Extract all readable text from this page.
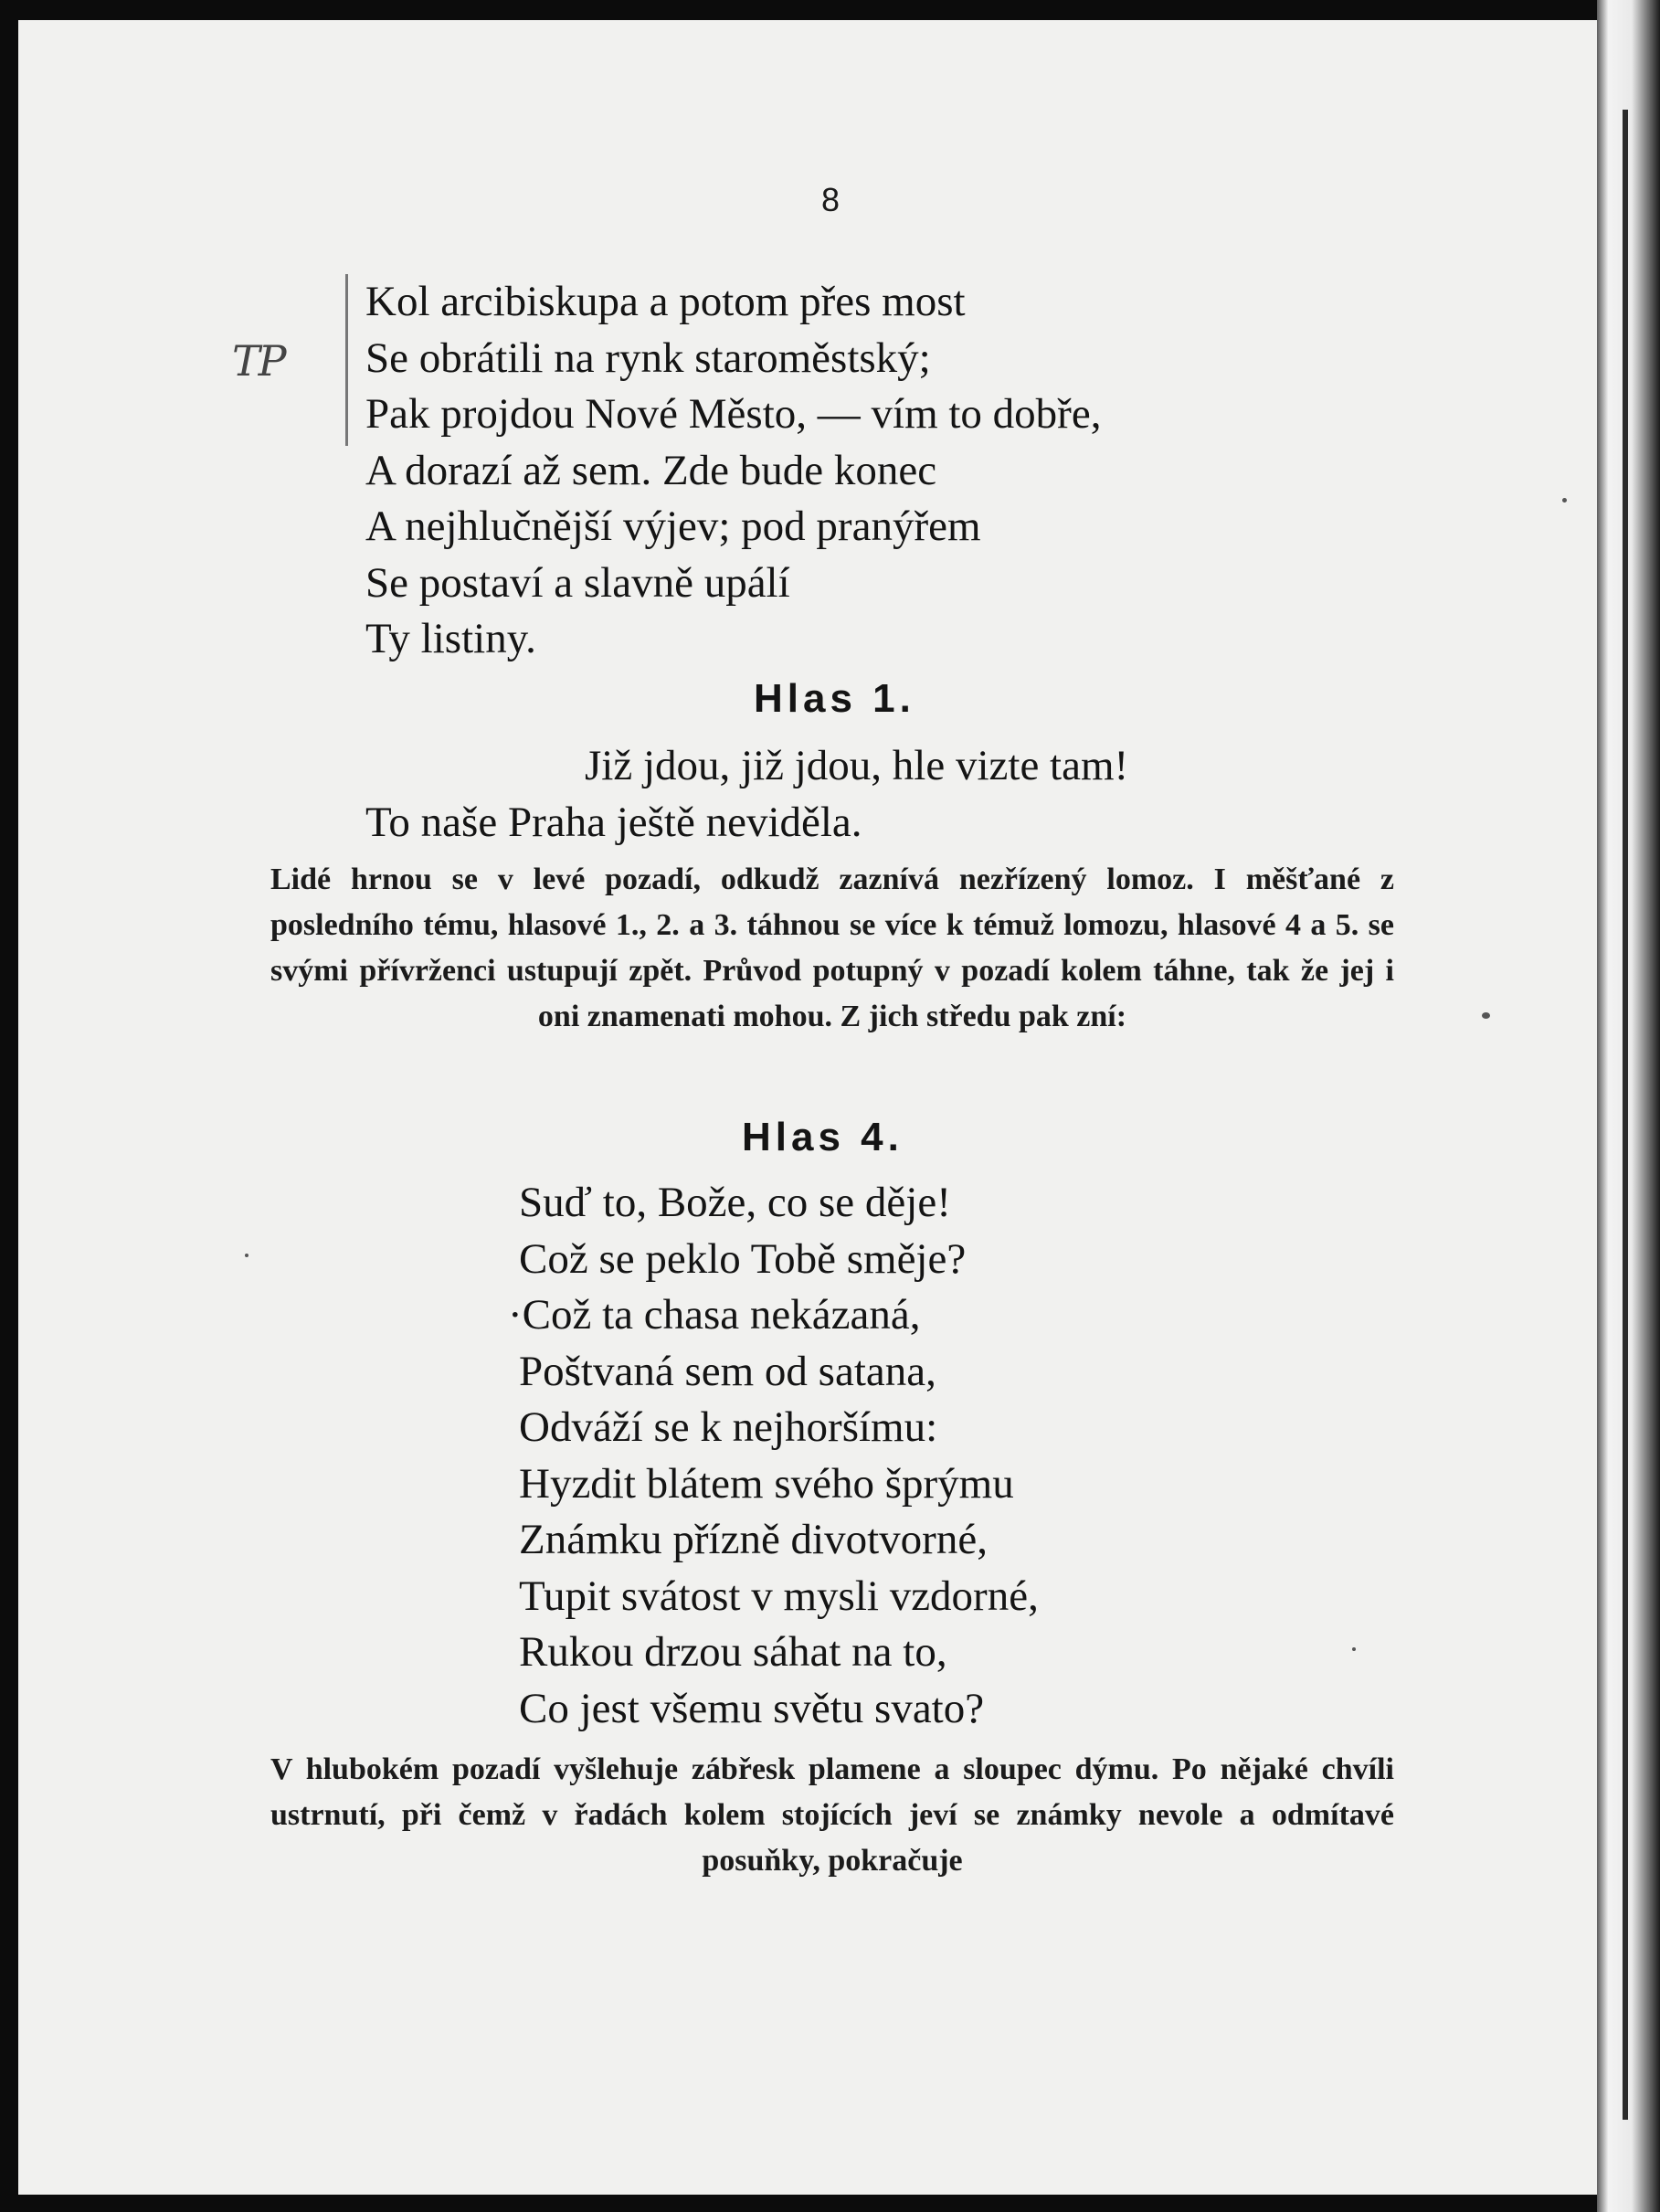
8
TP
Kol arcibiskupa a potom přes most
Se obrátili na rynk staroměstský;
Pak projdou Nové Město, — vím to dobře,
A dorazí až sem. Zde bude konec
A nejhlučnější výjev; pod pranýřem
Se postaví a slavně upálí
Ty listiny.
Hlas 1.
Již jdou, již jdou, hle vizte tam!
To naše Praha ještě neviděla.
Lidé hrnou se v levé pozadí, odkudž zaznívá nezřízený lomoz. I měšťané z posledního tému, hlasové 1., 2. a 3. táhnou se více k témuž lomozu, hlasové 4 a 5. se svými přívrženci ustupují zpět. Průvod potupný v pozadí kolem táhne, tak že jej i oni znamenati mohou. Z jich středu pak zní:
Hlas 4.
Suď to, Bože, co se děje!
Což se peklo Tobě směje?
·Což ta chasa nekázaná,
Poštvaná sem od satana,
Odváží se k nejhoršímu:
Hyzdit blátem svého šprýmu
Známku přízně divotvorné,
Tupit svátost v mysli vzdorné,
Rukou drzou sáhat na to,
Co jest všemu světu svato?
V hlubokém pozadí vyšlehuje zábřesk plamene a sloupec dýmu. Po nějaké chvíli ustrnutí, při čemž v řadách kolem stojících jeví se známky nevole a odmítavé posuňky, pokračuje
